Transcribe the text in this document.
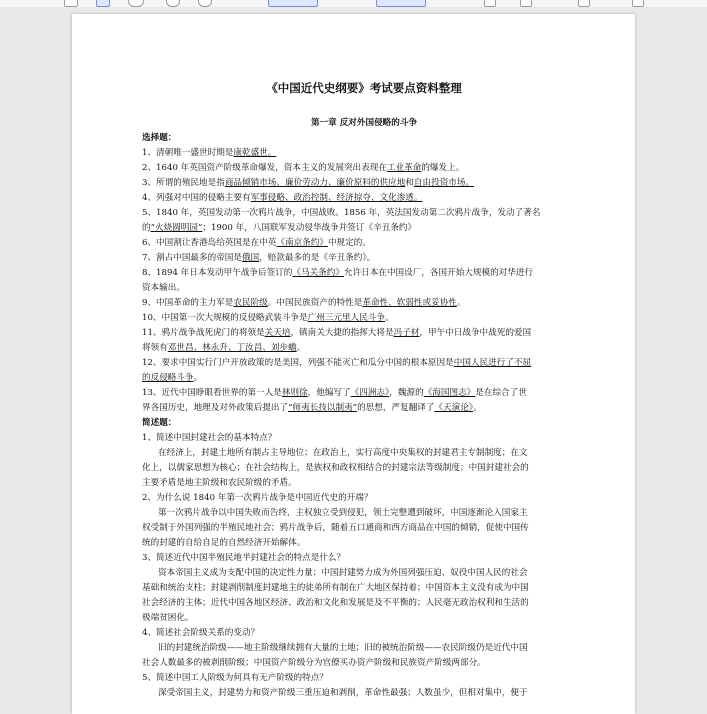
《中国近代史纲要》考试要点资料整理
第一章 反对外国侵略的斗争
选择题：
1、清朝唯一盛世时期是康乾盛世。
2、1640 年英国资产阶级革命爆发，资本主义的发展突出表现在工业革命的爆发上。
3、所谓的殖民地是指商品倾销市场、廉价劳动力、廉价原料的供应地和自由投资市场。
4、列强对中国的侵略主要有军事侵略、政治控制、经济掠夺、文化渗透。
5、1840 年，英国发动第一次鸦片战争，中国战败。1856 年，英法国发动第二次鸦片战争，发动了著名
的“火烧圆明园”；1900 年，八国联军发动侵华战争并签订《辛丑条约》
6、中国割让香港岛给英国是在中英《南京条约》中规定的。
7、割占中国最多的帝国是俄国，赔款最多的是《辛丑条约》。
8、1894 年日本发动甲午战争后签订的《马关条约》允许日本在中国设厂，各国开始大规模的对华进行
资本输出。
9、中国革命的主力军是农民阶级。中国民族资产的特性是革命性、软弱性或妥协性。
10、中国第一次大规模的反侵略武装斗争是广州三元里人民斗争。
11、鸦片战争战死虎门的将领是关天培，镇南关大捷的指挥大将是冯子材，甲午中日战争中战死的爱国
将领有邓世昌、林永升、丁汝昌、刘步蟾。
12、要求中国实行门户开放政策的是美国，列强不能灭亡和瓜分中国的根本原因是中国人民进行了不屈
的反侵略斗争。
13、近代中国睁眼看世界的第一人是林则徐，他编写了《四洲志》，魏源的《海国图志》是在综合了世
界各国历史，地理及对外政策后提出了“师夷长技以制夷”的思想，严复翻译了《天演论》。
简述题：
1、简述中国封建社会的基本特点？
在经济上，封建土地所有制占主导地位；在政治上，实行高度中央集权的封建君主专制制度；在文
化上，以儒家思想为核心；在社会结构上，是族权和政权相结合的封建宗法等级制度；中国封建社会的
主要矛盾是地主阶级和农民阶级的矛盾。
2、为什么说 1840 年第一次鸦片战争是中国近代史的开端？
第一次鸦片战争以中国失败而告终，主权独立受到侵犯，领土完整遭到破坏，中国逐渐沦入国家主
权受制于外国列强的半殖民地社会；鸦片战争后，随着五口通商和西方商品在中国的倾销，促使中国传
统的封建的自给自足的自然经济开始解体。
3、简述近代中国半殖民地半封建社会的特点是什么？
资本帝国主义成为支配中国的决定性力量；中国封建势力成为外国列强压迫、奴役中国人民的社会
基础和统治支柱；封建剥削制度封建地主的徒弟所有制在广大地区保持着；中国资本主义没有成为中国
社会经济的主体；近代中国各地区经济、政治和文化和发展是及不平衡的；人民毫无政治权利和生活的
极端贫困化。
4、简述社会阶级关系的变动？
旧的封建统治阶级——地主阶级继续拥有大量的土地；旧的被统治阶级——农民阶级仍是近代中国
社会人数最多的被剥削阶级；中国资产阶级分为官僚买办资产阶级和民族资产阶级两部分。
5、简述中国工人阶级为何具有无产阶级的特点？
深受帝国主义，封建势力和资产阶级三重压迫和剥削，革命性最强；人数虽少，但相对集中，便于
